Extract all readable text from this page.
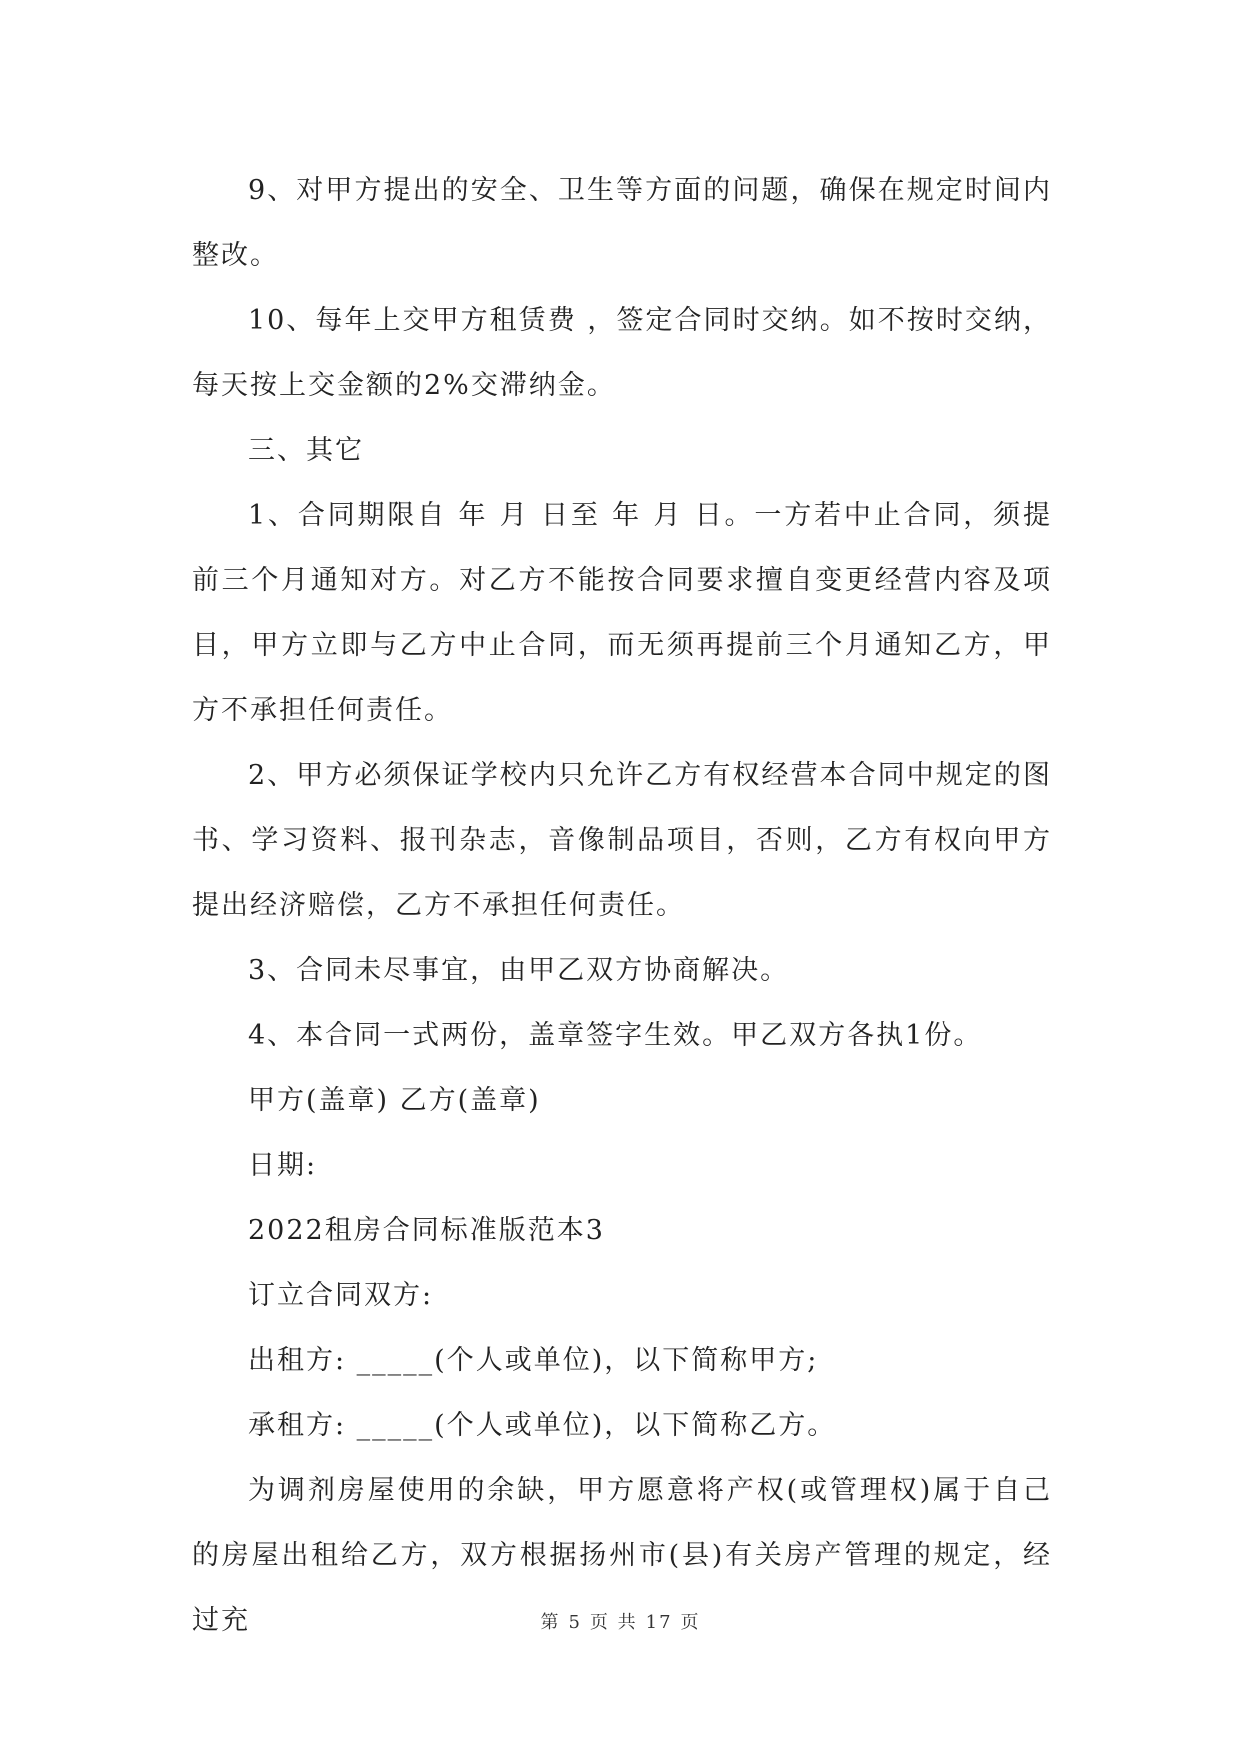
9、对甲方提出的安全、卫生等方面的问题，确保在规定时间内整改。

10、每年上交甲方租赁费 ，签定合同时交纳。如不按时交纳，每天按上交金额的2%交滞纳金。

三、其它

1、合同期限自 年 月 日至 年 月 日。一方若中止合同，须提前三个月通知对方。对乙方不能按合同要求擅自变更经营内容及项目，甲方立即与乙方中止合同，而无须再提前三个月通知乙方，甲方不承担任何责任。

2、甲方必须保证学校内只允许乙方有权经营本合同中规定的图书、学习资料、报刊杂志，音像制品项目，否则，乙方有权向甲方提出经济赔偿，乙方不承担任何责任。

3、合同未尽事宜，由甲乙双方协商解决。

4、本合同一式两份，盖章签字生效。甲乙双方各执1份。

甲方(盖章) 乙方(盖章)

日期:

2022租房合同标准版范本3

订立合同双方:

出租方: _____(个人或单位)，以下简称甲方;

承租方: _____(个人或单位)，以下简称乙方。

为调剂房屋使用的余缺，甲方愿意将产权(或管理权)属于自己的房屋出租给乙方，双方根据扬州市(县)有关房产管理的规定，经过充	第 5 页 共 17 页
